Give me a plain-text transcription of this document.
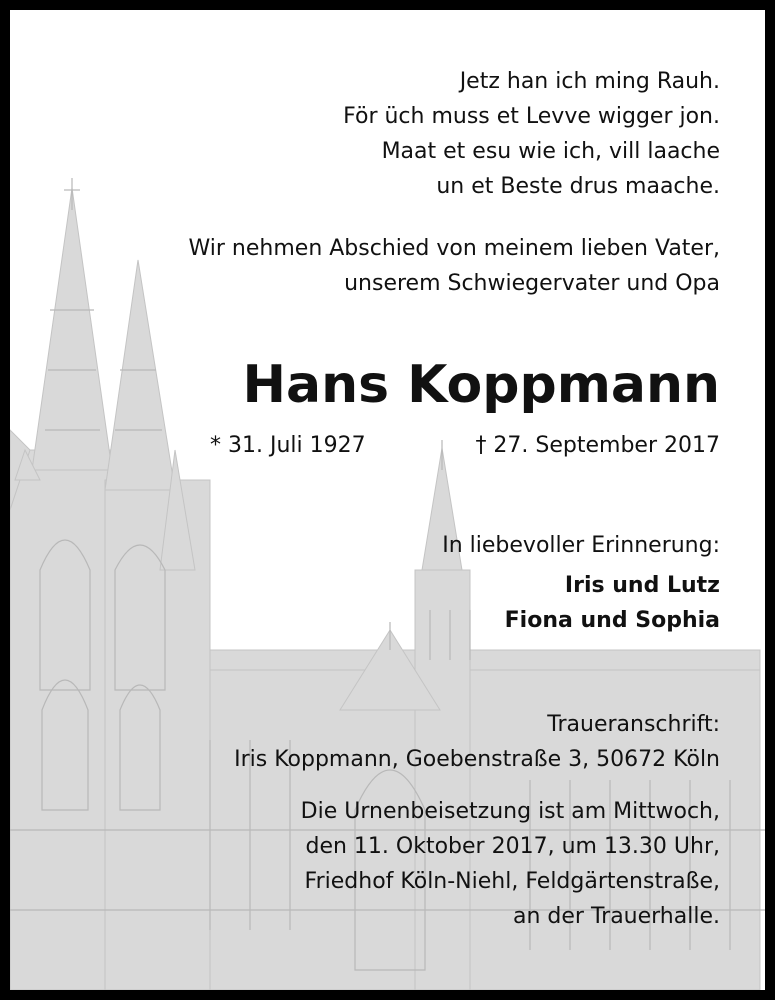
Jetz han ich ming Rauh.
För üch muss et Levve wigger jon.
Maat et esu wie ich, vill laache
un et Beste drus maache.
Wir nehmen Abschied von meinem lieben Vater,
unserem Schwiegervater und Opa
Hans Koppmann
* 31. Juli 1927	† 27. September 2017
In liebevoller Erinnerung:
Iris und Lutz
Fiona und Sophia
Traueranschrift:
Iris Koppmann, Goebenstraße 3, 50672 Köln
Die Urnenbeisetzung ist am Mittwoch,
den 11. Oktober 2017, um 13.30 Uhr,
Friedhof Köln-Niehl, Feldgärtenstraße,
an der Trauerhalle.
